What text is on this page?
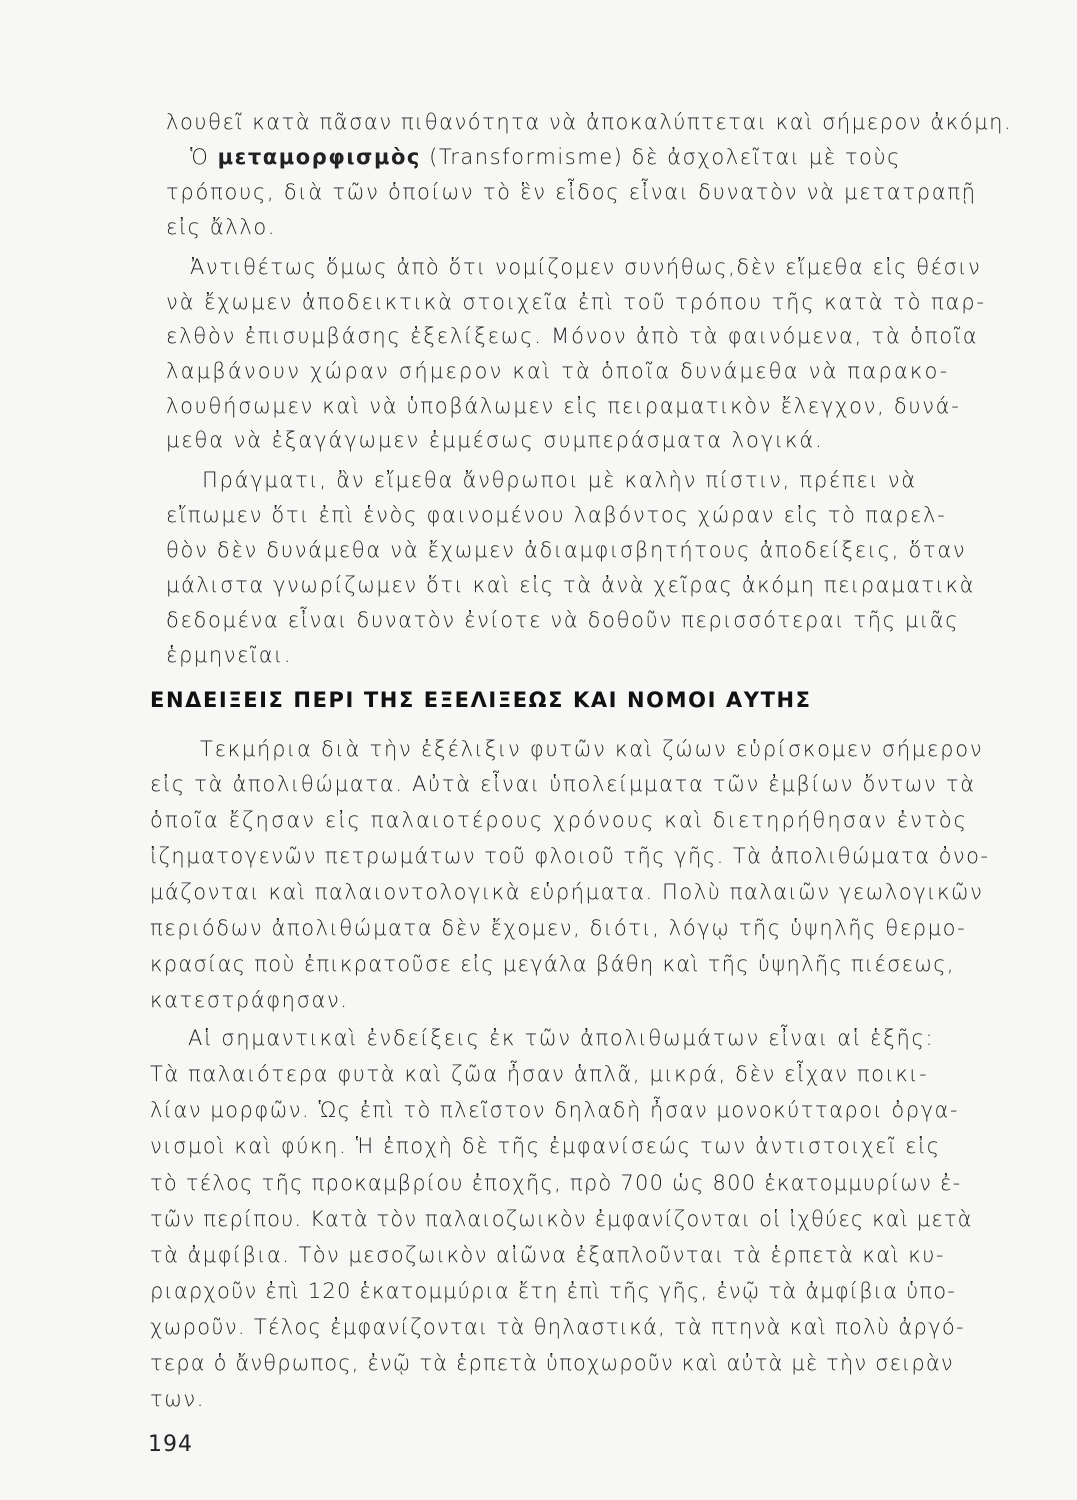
λουθεῖ κατὰ πᾶσαν πιθανότητα νὰ ἀποκαλύπτεται καὶ σήμερον ἀκόμη.
Ὁ μεταμορφισμὸς (Transformisme) δὲ ἀσχολεῖται μὲ τοὺς
τρόπους, διὰ τῶν ὁποίων τὸ ἓν εἶδος εἶναι δυνατὸν νὰ μετατραπῇ
εἰς ἄλλο.
Ἀντιθέτως ὅμως ἀπὸ ὅτι νομίζομεν συνήθως,δὲν εἴμεθα εἰς θέσιν
νὰ ἔχωμεν ἀποδεικτικὰ στοιχεῖα ἐπὶ τοῦ τρόπου τῆς κατὰ τὸ παρ-
ελθὸν ἐπισυμβάσης ἐξελίξεως. Μόνον ἀπὸ τὰ φαινόμενα, τὰ ὁποῖα
λαμβάνουν χώραν σήμερον καὶ τὰ ὁποῖα δυνάμεθα νὰ παρακο-
λουθήσωμεν καὶ νὰ ὑποβάλωμεν εἰς πειραματικὸν ἔλεγχον, δυνά-
μεθα νὰ ἐξαγάγωμεν ἐμμέσως συμπεράσματα λογικά.
Πράγματι, ἂν εἴμεθα ἄνθρωποι μὲ καλὴν πίστιν, πρέπει νὰ
εἴπωμεν ὅτι ἐπὶ ἑνὸς φαινομένου λαβόντος χώραν εἰς τὸ παρελ-
θὸν δὲν δυνάμεθα νὰ ἔχωμεν ἀδιαμφισβητήτους ἀποδείξεις, ὅταν
μάλιστα γνωρίζωμεν ὅτι καὶ εἰς τὰ ἀνὰ χεῖρας ἀκόμη πειραματικὰ
δεδομένα εἶναι δυνατὸν ἐνίοτε νὰ δοθοῦν περισσότεραι τῆς μιᾶς
ἑρμηνεῖαι.
ΕΝΔΕΙΞΕΙΣ ΠΕΡΙ ΤΗΣ ΕΞΕΛΙΞΕΩΣ ΚΑΙ ΝΟΜΟΙ ΑΥΤΗΣ
Τεκμήρια διὰ τὴν ἐξέλιξιν φυτῶν καὶ ζώων εὑρίσκομεν σήμερον
εἰς τὰ ἀπολιθώματα. Αὐτὰ εἶναι ὑπολείμματα τῶν ἐμβίων ὄντων τὰ
ὁποῖα ἔζησαν εἰς παλαιοτέρους χρόνους καὶ διετηρήθησαν ἐντὸς
ἰζηματογενῶν πετρωμάτων τοῦ φλοιοῦ τῆς γῆς. Τὰ ἀπολιθώματα ὀνο-
μάζονται καὶ παλαιοντολογικὰ εὑρήματα. Πολὺ παλαιῶν γεωλογικῶν
περιόδων ἀπολιθώματα δὲν ἔχομεν, διότι, λόγῳ τῆς ὑψηλῆς θερμο-
κρασίας ποὺ ἐπικρατοῦσε εἰς μεγάλα βάθη καὶ τῆς ὑψηλῆς πιέσεως,
κατεστράφησαν.
Αἱ σημαντικαὶ ἐνδείξεις ἐκ τῶν ἀπολιθωμάτων εἶναι αἱ ἑξῆς:
Τὰ παλαιότερα φυτὰ καὶ ζῶα ἦσαν ἁπλᾶ, μικρά, δὲν εἶχαν ποικι-
λίαν μορφῶν. Ὡς ἐπὶ τὸ πλεῖστον δηλαδὴ ἦσαν μονοκύτταροι ὀργα-
νισμοὶ καὶ φύκη. Ἡ ἐποχὴ δὲ τῆς ἐμφανίσεώς των ἀντιστοιχεῖ εἰς
τὸ τέλος τῆς προκαμβρίου ἐποχῆς, πρὸ 700 ὡς 800 ἑκατομμυρίων ἐ-
τῶν περίπου. Κατὰ τὸν παλαιοζωικὸν ἐμφανίζονται οἱ ἰχθύες καὶ μετὰ
τὰ ἀμφίβια. Τὸν μεσοζωικὸν αἰῶνα ἐξαπλοῦνται τὰ ἑρπετὰ καὶ κυ-
ριαρχοῦν ἐπὶ 120 ἑκατομμύρια ἔτη ἐπὶ τῆς γῆς, ἐνῷ τὰ ἀμφίβια ὑπο-
χωροῦν. Τέλος ἐμφανίζονται τὰ θηλαστικά, τὰ πτηνὰ καὶ πολὺ ἀργό-
τερα ὁ ἄνθρωπος, ἐνῷ τὰ ἑρπετὰ ὑποχωροῦν καὶ αὐτὰ μὲ τὴν σειρὰν
των.
194
